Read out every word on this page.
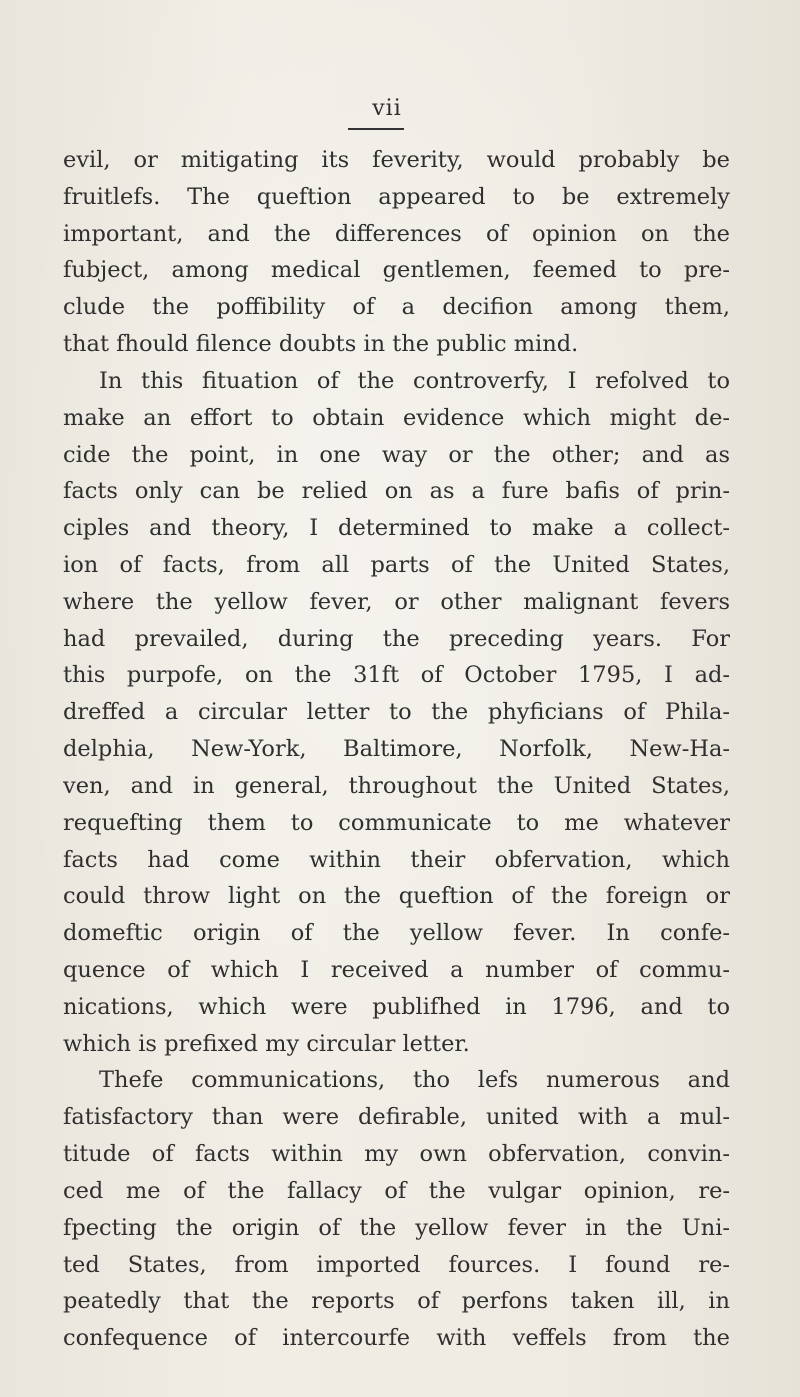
vii
evil, or mitigating its feverity, would probably be
fruitlefs. The queftion appeared to be extremely
important, and the differences of opinion on the
fubject, among medical gentlemen, feemed to pre-
clude the poffibility of a decifion among them,
that fhould filence doubts in the public mind.
In this fituation of the controverfy, I refolved to
make an effort to obtain evidence which might de-
cide the point, in one way or the other; and as
facts only can be relied on as a fure bafis of prin-
ciples and theory, I determined to make a collect-
ion of facts, from all parts of the United States,
where the yellow fever, or other malignant fevers
had prevailed, during the preceding years. For
this purpofe, on the 31ft of October 1795, I ad-
dreffed a circular letter to the phyficians of Phila-
delphia, New-York, Baltimore, Norfolk, New-Ha-
ven, and in general, throughout the United States,
requefting them to communicate to me whatever
facts had come within their obfervation, which
could throw light on the queftion of the foreign or
domeftic origin of the yellow fever. In confe-
quence of which I received a number of commu-
nications, which were publifhed in 1796, and to
which is prefixed my circular letter.
Thefe communications, tho lefs numerous and
fatisfactory than were defirable, united with a mul-
titude of facts within my own obfervation, convin-
ced me of the fallacy of the vulgar opinion, re-
fpecting the origin of the yellow fever in the Uni-
ted States, from imported fources. I found re-
peatedly that the reports of perfons taken ill, in
confequence of intercourfe with veffels from the
